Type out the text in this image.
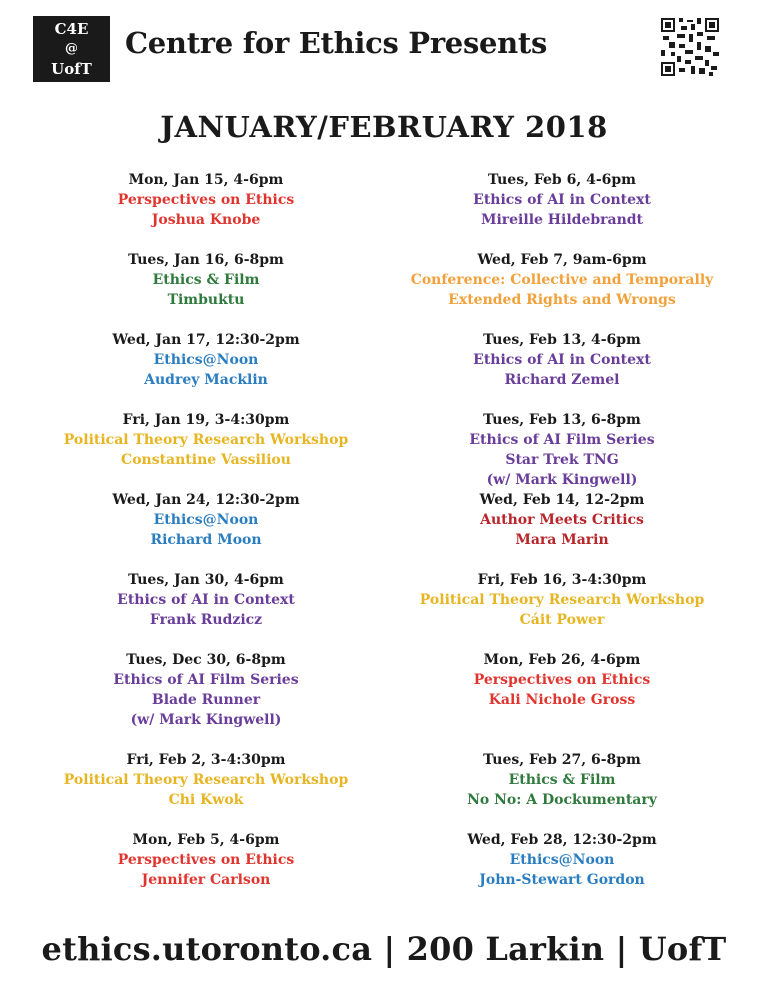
C4E
@
UofT
Centre for Ethics Presents
JANUARY/FEBRUARY 2018
Mon, Jan 15, 4-6pm
Perspectives on Ethics
Joshua Knobe
Tues, Jan 16, 6-8pm
Ethics & Film
Timbuktu
Wed, Jan 17, 12:30-2pm
Ethics@Noon
Audrey Macklin
Fri, Jan 19, 3-4:30pm
Political Theory Research Workshop
Constantine Vassiliou
Wed, Jan 24, 12:30-2pm
Ethics@Noon
Richard Moon
Tues, Jan 30, 4-6pm
Ethics of AI in Context
Frank Rudzicz
Tues, Dec 30, 6-8pm
Ethics of AI Film Series
Blade Runner
(w/ Mark Kingwell)
Fri, Feb 2, 3-4:30pm
Political Theory Research Workshop
Chi Kwok
Mon, Feb 5, 4-6pm
Perspectives on Ethics
Jennifer Carlson
Tues, Feb 6, 4-6pm
Ethics of AI in Context
Mireille Hildebrandt
Wed, Feb 7, 9am-6pm
Conference: Collective and Temporally
Extended Rights and Wrongs
Tues, Feb 13, 4-6pm
Ethics of AI in Context
Richard Zemel
Tues, Feb 13, 6-8pm
Ethics of AI Film Series
Star Trek TNG
(w/ Mark Kingwell)
Wed, Feb 14, 12-2pm
Author Meets Critics
Mara Marin
Fri, Feb 16, 3-4:30pm
Political Theory Research Workshop
Cáit Power
Mon, Feb 26, 4-6pm
Perspectives on Ethics
Kali Nichole Gross
Tues, Feb 27, 6-8pm
Ethics & Film
No No: A Dockumentary
Wed, Feb 28, 12:30-2pm
Ethics@Noon
John-Stewart Gordon
ethics.utoronto.ca | 200 Larkin | UofT
